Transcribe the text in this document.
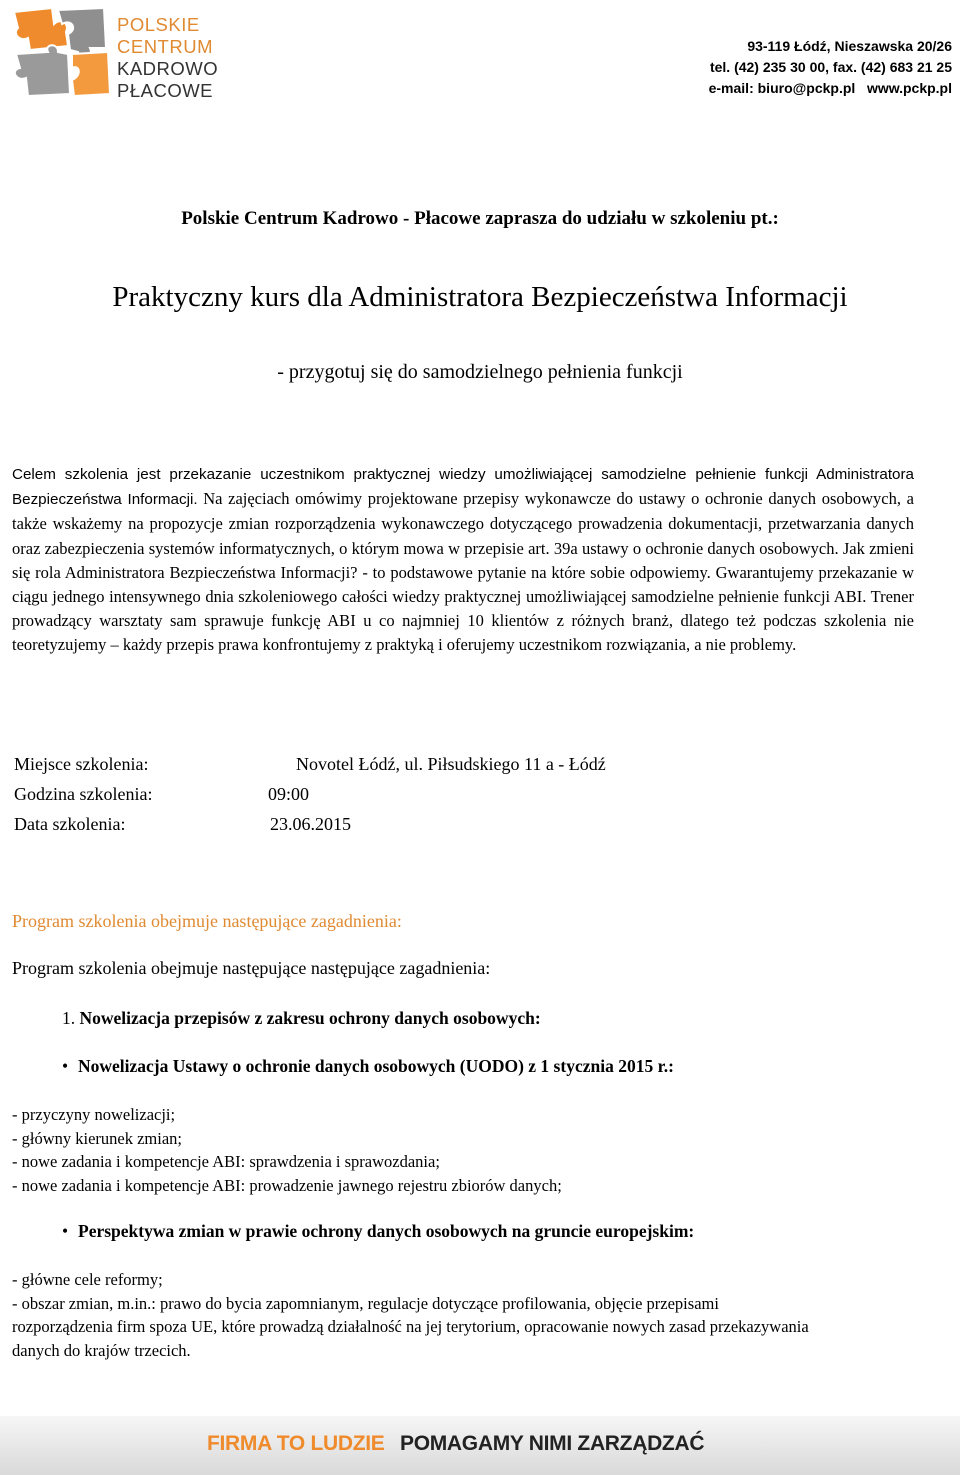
POLSKIE
CENTRUM
KADROWO
PŁACOWE
93-119 Łódź, Nieszawska 20/26
tel. (42) 235 30 00, fax. (42) 683 21 25
e-mail: biuro@pckp.pl   www.pckp.pl
Polskie Centrum Kadrowo - Płacowe zaprasza do udziału w szkoleniu pt.:
Praktyczny kurs dla Administratora Bezpieczeństwa Informacji
- przygotuj się do samodzielnego pełnienia funkcji

Celem szkolenia jest przekazanie uczestnikom praktycznej wiedzy umożliwiającej samodzielne pełnienie funkcji Administratora Bezpieczeństwa Informacji. Na zajęciach omówimy projektowane przepisy wykonawcze do ustawy o ochronie danych osobowych, a także wskażemy na propozycje zmian rozporządzenia wykonawczego dotyczącego prowadzenia dokumentacji, przetwarzania danych oraz zabezpieczenia systemów informatycznych, o którym mowa w przepisie art. 39a ustawy o ochronie danych osobowych. Jak zmieni się rola Administratora Bezpieczeństwa Informacji? - to podstawowe pytanie na które sobie odpowiemy. Gwarantujemy przekazanie w ciągu jednego intensywnego dnia szkoleniowego całości wiedzy praktycznej umożliwiającej samodzielne pełnienie funkcji ABI. Trener prowadzący warsztaty sam sprawuje funkcję ABI u co najmniej 10 klientów z różnych branż, dlatego też podczas szkolenia nie teoretyzujemy – każdy przepis prawa konfrontujemy z praktyką i oferujemy uczestnikom rozwiązania, a nie problemy.

Miejsce szkolenia:	Novotel Łódź, ul. Piłsudskiego 11 a - Łódź
Godzina szkolenia:	09:00
Data szkolenia:	23.06.2015
Program szkolenia obejmuje następujące zagadnienia:
Program szkolenia obejmuje następujące następujące zagadnienia:
1. Nowelizacja przepisów z zakresu ochrony danych osobowych:
• Nowelizacja Ustawy o ochronie danych osobowych (UODO) z 1 stycznia 2015 r.:
- przyczyny nowelizacji;
- główny kierunek zmian;
- nowe zadania i kompetencje ABI: sprawdzenia i sprawozdania;
- nowe zadania i kompetencje ABI: prowadzenie jawnego rejestru zbiorów danych;
• Perspektywa zmian w prawie ochrony danych osobowych na gruncie europejskim:
- główne cele reformy;
- obszar zmian, m.in.: prawo do bycia zapomnianym, regulacje dotyczące profilowania, objęcie przepisami
rozporządzenia firm spoza UE, które prowadzą działalność na jej terytorium, opracowanie nowych zasad przekazywania
danych do krajów trzecich.
FIRMA TO LUDZIE POMAGAMY NIMI ZARZĄDZAĆ
